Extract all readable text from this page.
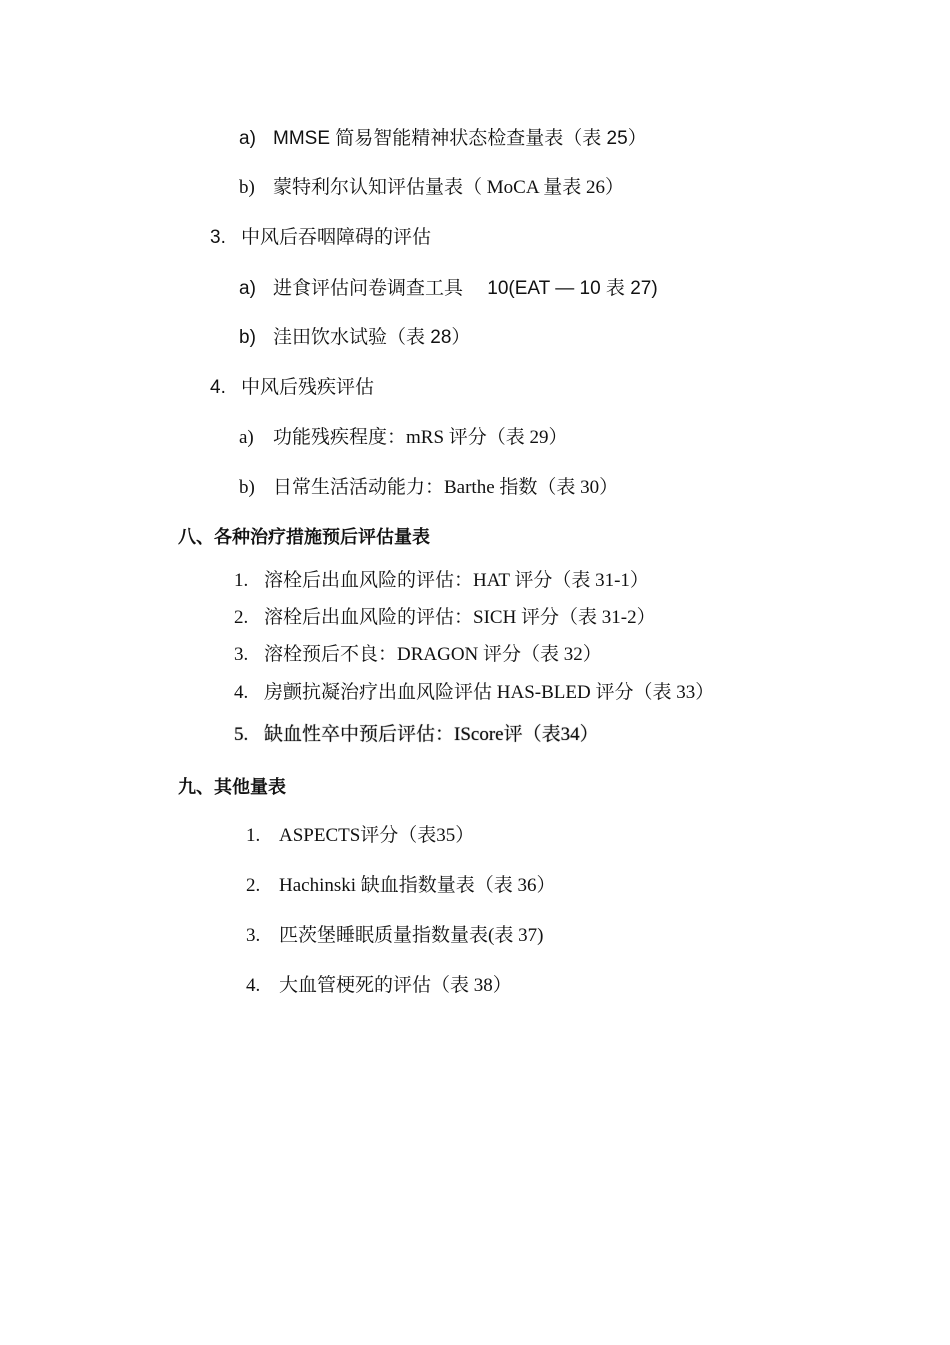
a) MMSE 简易智能精神状态检查量表（表 25）
b) 蒙特利尔认知评估量表（ MoCA 量表 26）
3. 中风后吞咽障碍的评估
a) 进食评估问卷调查工具　 10(EAT — 10 表 27)
b) 洼田饮水试验（表 28）
4. 中风后残疾评估
a) 功能残疾程度：mRS 评分（表 29）
b) 日常生活活动能力：Barthe 指数（表 30）
八、各种治疗措施预后评估量表
1. 溶栓后出血风险的评估：HAT 评分（表 31-1）
2. 溶栓后出血风险的评估：SICH 评分（表 31-2）
3. 溶栓预后不良：DRAGON 评分（表 32）
4. 房颤抗凝治疗出血风险评估 HAS-BLED 评分（表 33）
5. 缺血性卒中预后评估：IScore评（表34）
九、其他量表
1. ASPECTS评分（表35）
2. Hachinski 缺血指数量表（表 36）
3. 匹茨堡睡眠质量指数量表(表 37)
4. 大血管梗死的评估（表 38）
